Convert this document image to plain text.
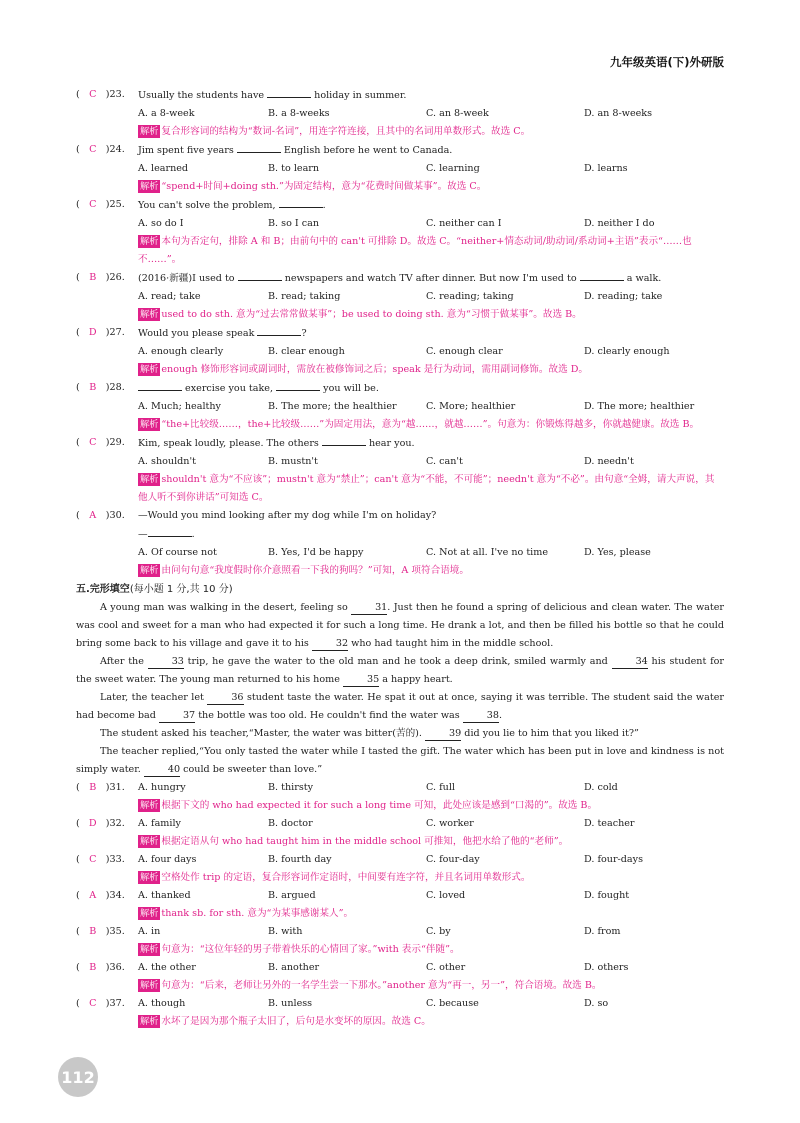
九年级英语(下)外研版
( C )23.	Usually the students have	holiday in summer.
A. a 8-week	B. a 8-weeks	C. an 8-week	D. an 8-weeks
解析 复合形容词的结构为“数词-名词”，用连字符连接，且其中的名词用单数形式。故选 C。
( C )24.	Jim spent five years	English before he went to Canada.
A. learned	B. to learn	C. learning	D. learns
解析 “spend+时间+doing sth.”为固定结构，意为“花费时间做某事”。故选 C。
( C )25.	You can't solve the problem,	.
A. so do I	B. so I can	C. neither can I	D. neither I do
解析 本句为否定句，排除 A 和 B；由前句中的 can't 可排除 D。故选 C。“neither+情态动词/助动词/系动词+主语”表示“……也不……”。
( B )26.	(2016·新疆)I used to	newspapers and watch TV after dinner. But now I'm used to	a walk.
A. read; take	B. read; taking	C. reading; taking	D. reading; take
解析 used to do sth. 意为“过去常常做某事”；be used to doing sth. 意为“习惯于做某事”。故选 B。
( D )27.	Would you please speak	?
A. enough clearly	B. clear enough	C. enough clear	D. clearly enough
解析 enough 修饰形容词或副词时，需放在被修饰词之后；speak 是行为动词，需用副词修饰。故选 D。
( B )28.	exercise you take,	you will be.
A. Much; healthy	B. The more; the healthier	C. More; healthier	D. The more; healthier
解析 “the+比较级……，the+比较级……”为固定用法，意为“越……，就越……”。句意为：你锻炼得越多，你就越健康。故选 B。
( C )29.	Kim, speak loudly, please. The others	hear you.
A. shouldn't	B. mustn't	C. can't	D. needn't
解析 shouldn't 意为“不应该”；mustn't 意为“禁止”；can't 意为“不能，不可能”；needn't 意为“不必”。由句意“全姆，请大声说，其他人听不到你讲话”可知选 C。
( A )30.	—Would you mind looking after my dog while I'm on holiday?
—	.
A. Of course not	B. Yes, I'd be happy	C. Not at all. I've no time	D. Yes, please
解析 由问句句意“我度假时你介意照看一下我的狗吗？”可知，A 项符合语境。
五.完形填空(每小题 1 分,共 10 分)

A young man was walking in the desert, feeling so	31. Just then he found a spring of delicious and clean water. The water was cool and sweet for a man who had expected it for such a long time. He drank a lot, and then be filled his bottle so that he could bring some back to his village and gave it to his	32 who had taught him in the middle school.

After the	33 trip, he gave the water to the old man and he took a deep drink, smiled warmly and	34 his student for the sweet water. The young man returned to his home	35 a happy heart.

Later, the teacher let	36 student taste the water. He spat it out at once, saying it was terrible. The student said the water had become bad	37 the bottle was too old. He couldn't find the water was	38.

The student asked his teacher,“Master, the water was bitter(苦的).	39 did you lie to him that you liked it?”

The teacher replied,“You only tasted the water while I tasted the gift. The water which has been put in love and kindness is not simply water.	40 could be sweeter than love.”

( B )31.	A. hungry	B. thirsty	C. full	D. cold
解析 根据下文的 who had expected it for such a long time 可知，此处应该是感到“口渴的”。故选 B。
( D )32.	A. family	B. doctor	C. worker	D. teacher
解析 根据定语从句 who had taught him in the middle school 可推知，他把水给了他的“老师”。
( C )33.	A. four days	B. fourth day	C. four-day	D. four-days
解析 空格处作 trip 的定语，复合形容词作定语时，中间要有连字符，并且名词用单数形式。
( A )34.	A. thanked	B. argued	C. loved	D. fought
解析 thank sb. for sth. 意为“为某事感谢某人”。
( B )35.	A. in	B. with	C. by	D. from
解析 句意为：“这位年轻的男子带着快乐的心情回了家。”with 表示“伴随”。
( B )36.	A. the other	B. another	C. other	D. others
解析 句意为：“后来，老师让另外的一名学生尝一下那水。”another 意为“再一，另一”，符合语境。故选 B。
( C )37.	A. though	B. unless	C. because	D. so
解析 水坏了是因为那个瓶子太旧了，后句是水变坏的原因。故选 C。
112
